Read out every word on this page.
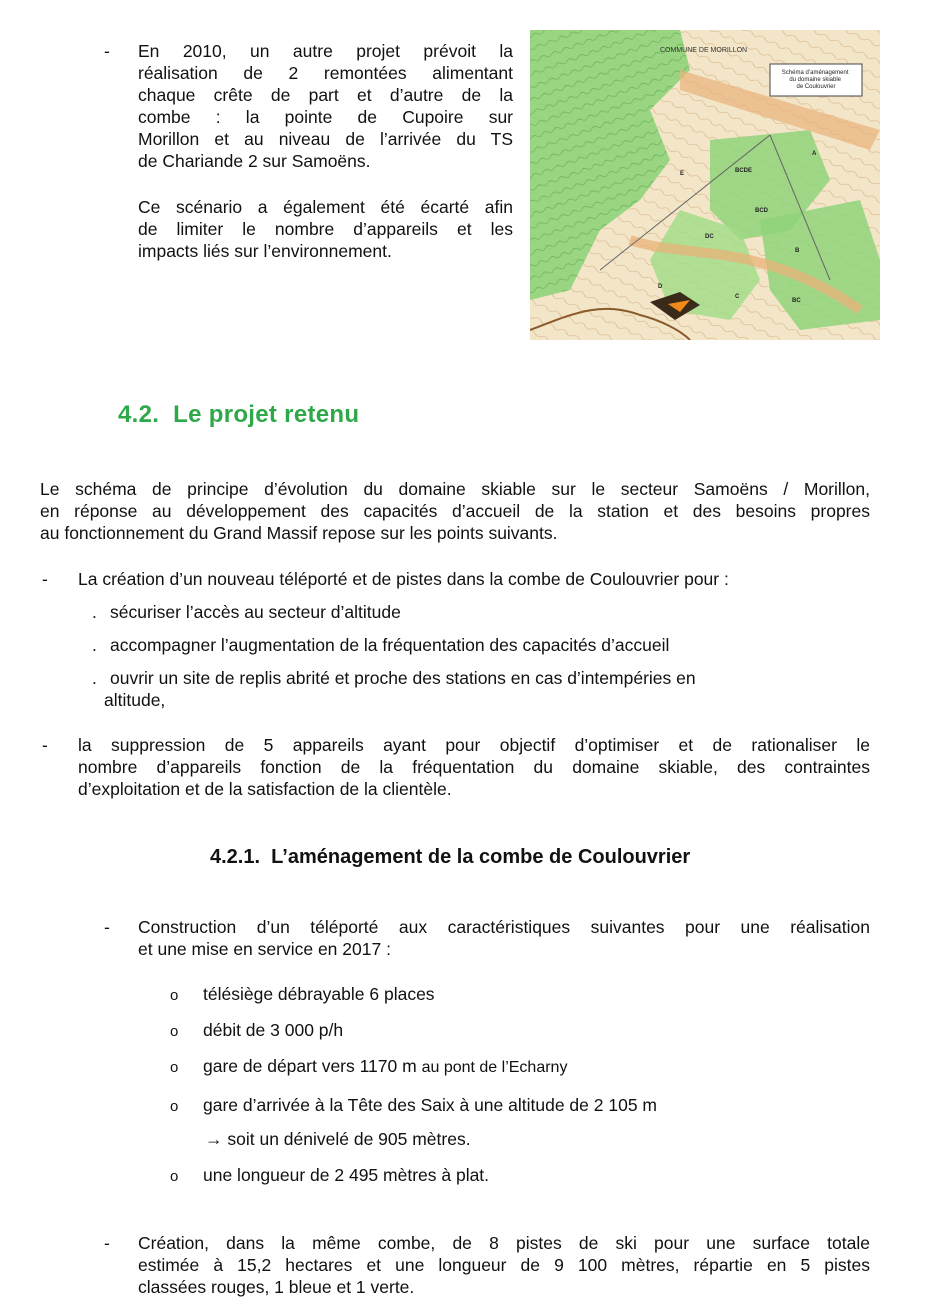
-	En 2010, un autre projet prévoit la
réalisation de 2 remontées alimentant
chaque crête de part et d’autre de la
combe : la pointe de Cupoire sur
Morillon et au niveau de l’arrivée du TS
de Chariande 2 sur Samoëns.
Ce scénario a également été écarté afin
de limiter le nombre d’appareils et les
impacts liés sur l’environnement.
Schéma d’aménagement du domaine skiable de Coulouvrier
COMMUNE DE MORILLON
E	BCDE
BCD
DC
D
C
B
BC
A
4.2. Le projet retenu
Le schéma de principe d’évolution du domaine skiable sur le secteur Samoëns / Morillon,
en réponse au développement des capacités d’accueil de la station et des besoins propres
au fonctionnement du Grand Massif repose sur les points suivants.
-	La création d’un nouveau téléporté et de pistes dans la combe de Coulouvrier pour :
. sécuriser l’accès au secteur d’altitude
. accompagner l’augmentation de la fréquentation des capacités d’accueil
. ouvrir un site de replis abrité et proche des stations en cas d’intempéries en
altitude,
-	la suppression de 5 appareils ayant pour objectif d’optimiser et de rationaliser le
nombre d’appareils fonction de la fréquentation du domaine skiable, des contraintes
d’exploitation et de la satisfaction de la clientèle.
4.2.1. L’aménagement de la combe de Coulouvrier
-	Construction d’un téléporté aux caractéristiques suivantes pour une réalisation
et une mise en service en 2017 :
o télésiège débrayable 6 places
o débit de 3 000 p/h
o gare de départ vers 1170 m au pont de l’Echarny
o gare d’arrivée à la Tête des Saix à une altitude de 2 105 m
→ soit un dénivelé de 905 mètres.
o une longueur de 2 495 mètres à plat.
-	Création, dans la même combe, de 8 pistes de ski pour une surface totale
estimée à 15,2 hectares et une longueur de 9 100 mètres, répartie en 5 pistes
classées rouges, 1 bleue et 1 verte.
